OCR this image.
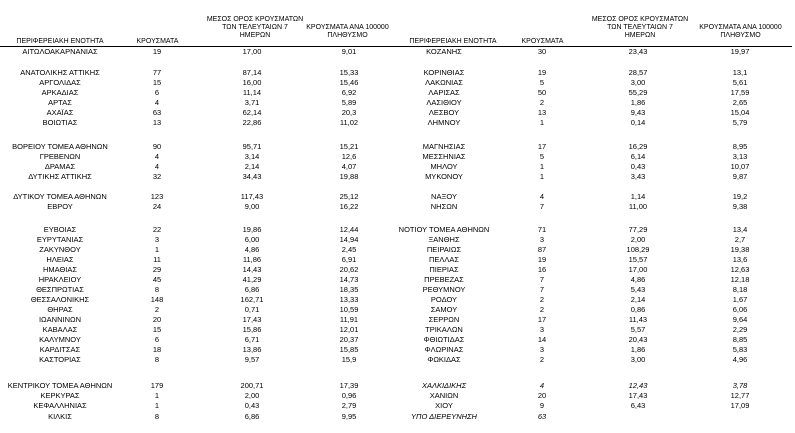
ΠΕΡΙΦΕΡΕΙΑΚΗ ΕΝΟΤΗΤΑ	ΚΡΟΥΣΜΑΤΑ
ΜΕΣΟΣ ΟΡΟΣ ΚΡΟΥΣΜΑΤΩΝ
ΤΩΝ ΤΕΛΕΥΤΑΙΩΝ 7
ΗΜΕΡΩΝ
ΚΡΟΥΣΜΑΤΑ ΑΝΑ 100000
ΠΛΗΘΥΣΜΟ
ΠΕΡΙΦΕΡΕΙΑΚΗ ΕΝΟΤΗΤΑ	ΚΡΟΥΣΜΑΤΑ
ΜΕΣΟΣ ΟΡΟΣ ΚΡΟΥΣΜΑΤΩΝ
ΤΩΝ ΤΕΛΕΥΤΑΙΩΝ 7
ΗΜΕΡΩΝ
ΚΡΟΥΣΜΑΤΑ ΑΝΑ 100000
ΠΛΗΘΥΣΜΟ
ΑΙΤΩΛΟΑΚΑΡΝΑΝΙΑΣ	19	17,00	9,01
ΑΝΑΤΟΛΙΚΗΣ ΑΤΤΙΚΗΣ	77	87,14	15,33
ΑΡΓΟΛΙΔΑΣ	15	16,00	15,46
ΑΡΚΑΔΙΑΣ	6	11,14	6,92
ΑΡΤΑΣ	4	3,71	5,89
ΑΧΑΪΑΣ	63	62,14	20,3
ΒΟΙΩΤΙΑΣ	13	22,86	11,02
ΒΟΡΕΙΟΥ ΤΟΜΕΑ ΑΘΗΝΩΝ	90	95,71	15,21
ΓΡΕΒΕΝΩΝ	4	3,14	12,6
ΔΡΑΜΑΣ	4	2,14	4,07
ΔΥΤΙΚΗΣ ΑΤΤΙΚΗΣ	32	34,43	19,88
ΔΥΤΙΚΟΥ ΤΟΜΕΑ ΑΘΗΝΩΝ	123	117,43	25,12
ΕΒΡΟΥ	24	9,00	16,22
ΕΥΒΟΙΑΣ	22	19,86	12,44
ΕΥΡΥΤΑΝΙΑΣ	3	6,00	14,94
ΖΑΚΥΝΘΟΥ	1	4,86	2,45
ΗΛΕΙΑΣ	11	11,86	6,91
ΗΜΑΘΙΑΣ	29	14,43	20,62
ΗΡΑΚΛΕΙΟΥ	45	41,29	14,73
ΘΕΣΠΡΩΤΙΑΣ	8	6,86	18,35
ΘΕΣΣΑΛΟΝΙΚΗΣ	148	162,71	13,33
ΘΗΡΑΣ	2	0,71	10,59
ΙΩΑΝΝΙΝΩΝ	20	17,43	11,91
ΚΑΒΑΛΑΣ	15	15,86	12,01
ΚΑΛΥΜΝΟΥ	6	6,71	20,37
ΚΑΡΔΙΤΣΑΣ	18	13,86	15,85
ΚΑΣΤΟΡΙΑΣ	8	9,57	15,9
ΚΕΝΤΡΙΚΟΥ ΤΟΜΕΑ ΑΘΗΝΩΝ	179	200,71	17,39
ΚΕΡΚΥΡΑΣ	1	2,00	0,96
ΚΕΦΑΛΛΗΝΙΑΣ	1	0,43	2,79
ΚΙΛΚΙΣ	8	6,86	9,95
ΚΟΖΑΝΗΣ	30	23,43	19,97
ΚΟΡΙΝΘΙΑΣ	19	28,57	13,1
ΛΑΚΩΝΙΑΣ	5	3,00	5,61
ΛΑΡΙΣΑΣ	50	55,29	17,59
ΛΑΣΙΘΙΟΥ	2	1,86	2,65
ΛΕΣΒΟΥ	13	9,43	15,04
ΛΗΜΝΟΥ	1	0,14	5,79
ΜΑΓΝΗΣΙΑΣ	17	16,29	8,95
ΜΕΣΣΗΝΙΑΣ	5	6,14	3,13
ΜΗΛΟΥ	1	0,43	10,07
ΜΥΚΟΝΟΥ	1	3,43	9,87
ΝΑΞΟΥ	4	1,14	19,2
ΝΗΣΩΝ	7	11,00	9,38
ΝΟΤΙΟΥ ΤΟΜΕΑ ΑΘΗΝΩΝ	71	77,29	13,4
ΞΑΝΘΗΣ	3	2,00	2,7
ΠΕΙΡΑΙΩΣ	87	108,29	19,38
ΠΕΛΛΑΣ	19	15,57	13,6
ΠΙΕΡΙΑΣ	16	17,00	12,63
ΠΡΕΒΕΖΑΣ	7	4,86	12,18
ΡΕΘΥΜΝΟΥ	7	5,43	8,18
ΡΟΔΟΥ	2	2,14	1,67
ΣΑΜΟΥ	2	0,86	6,06
ΣΕΡΡΩΝ	17	11,43	9,64
ΤΡΙΚΑΛΩΝ	3	5,57	2,29
ΦΘΙΩΤΙΔΑΣ	14	20,43	8,85
ΦΛΩΡΙΝΑΣ	3	1,86	5,83
ΦΩΚΙΔΑΣ	2	3,00	4,96
ΧΑΛΚΙΔΙΚΗΣ	4	12,43	3,78
ΧΑΝΙΩΝ	20	17,43	12,77
ΧΙΟΥ	9	6,43	17,09
ΥΠΟ ΔΙΕΡΕΥΝΗΣΗ	63
